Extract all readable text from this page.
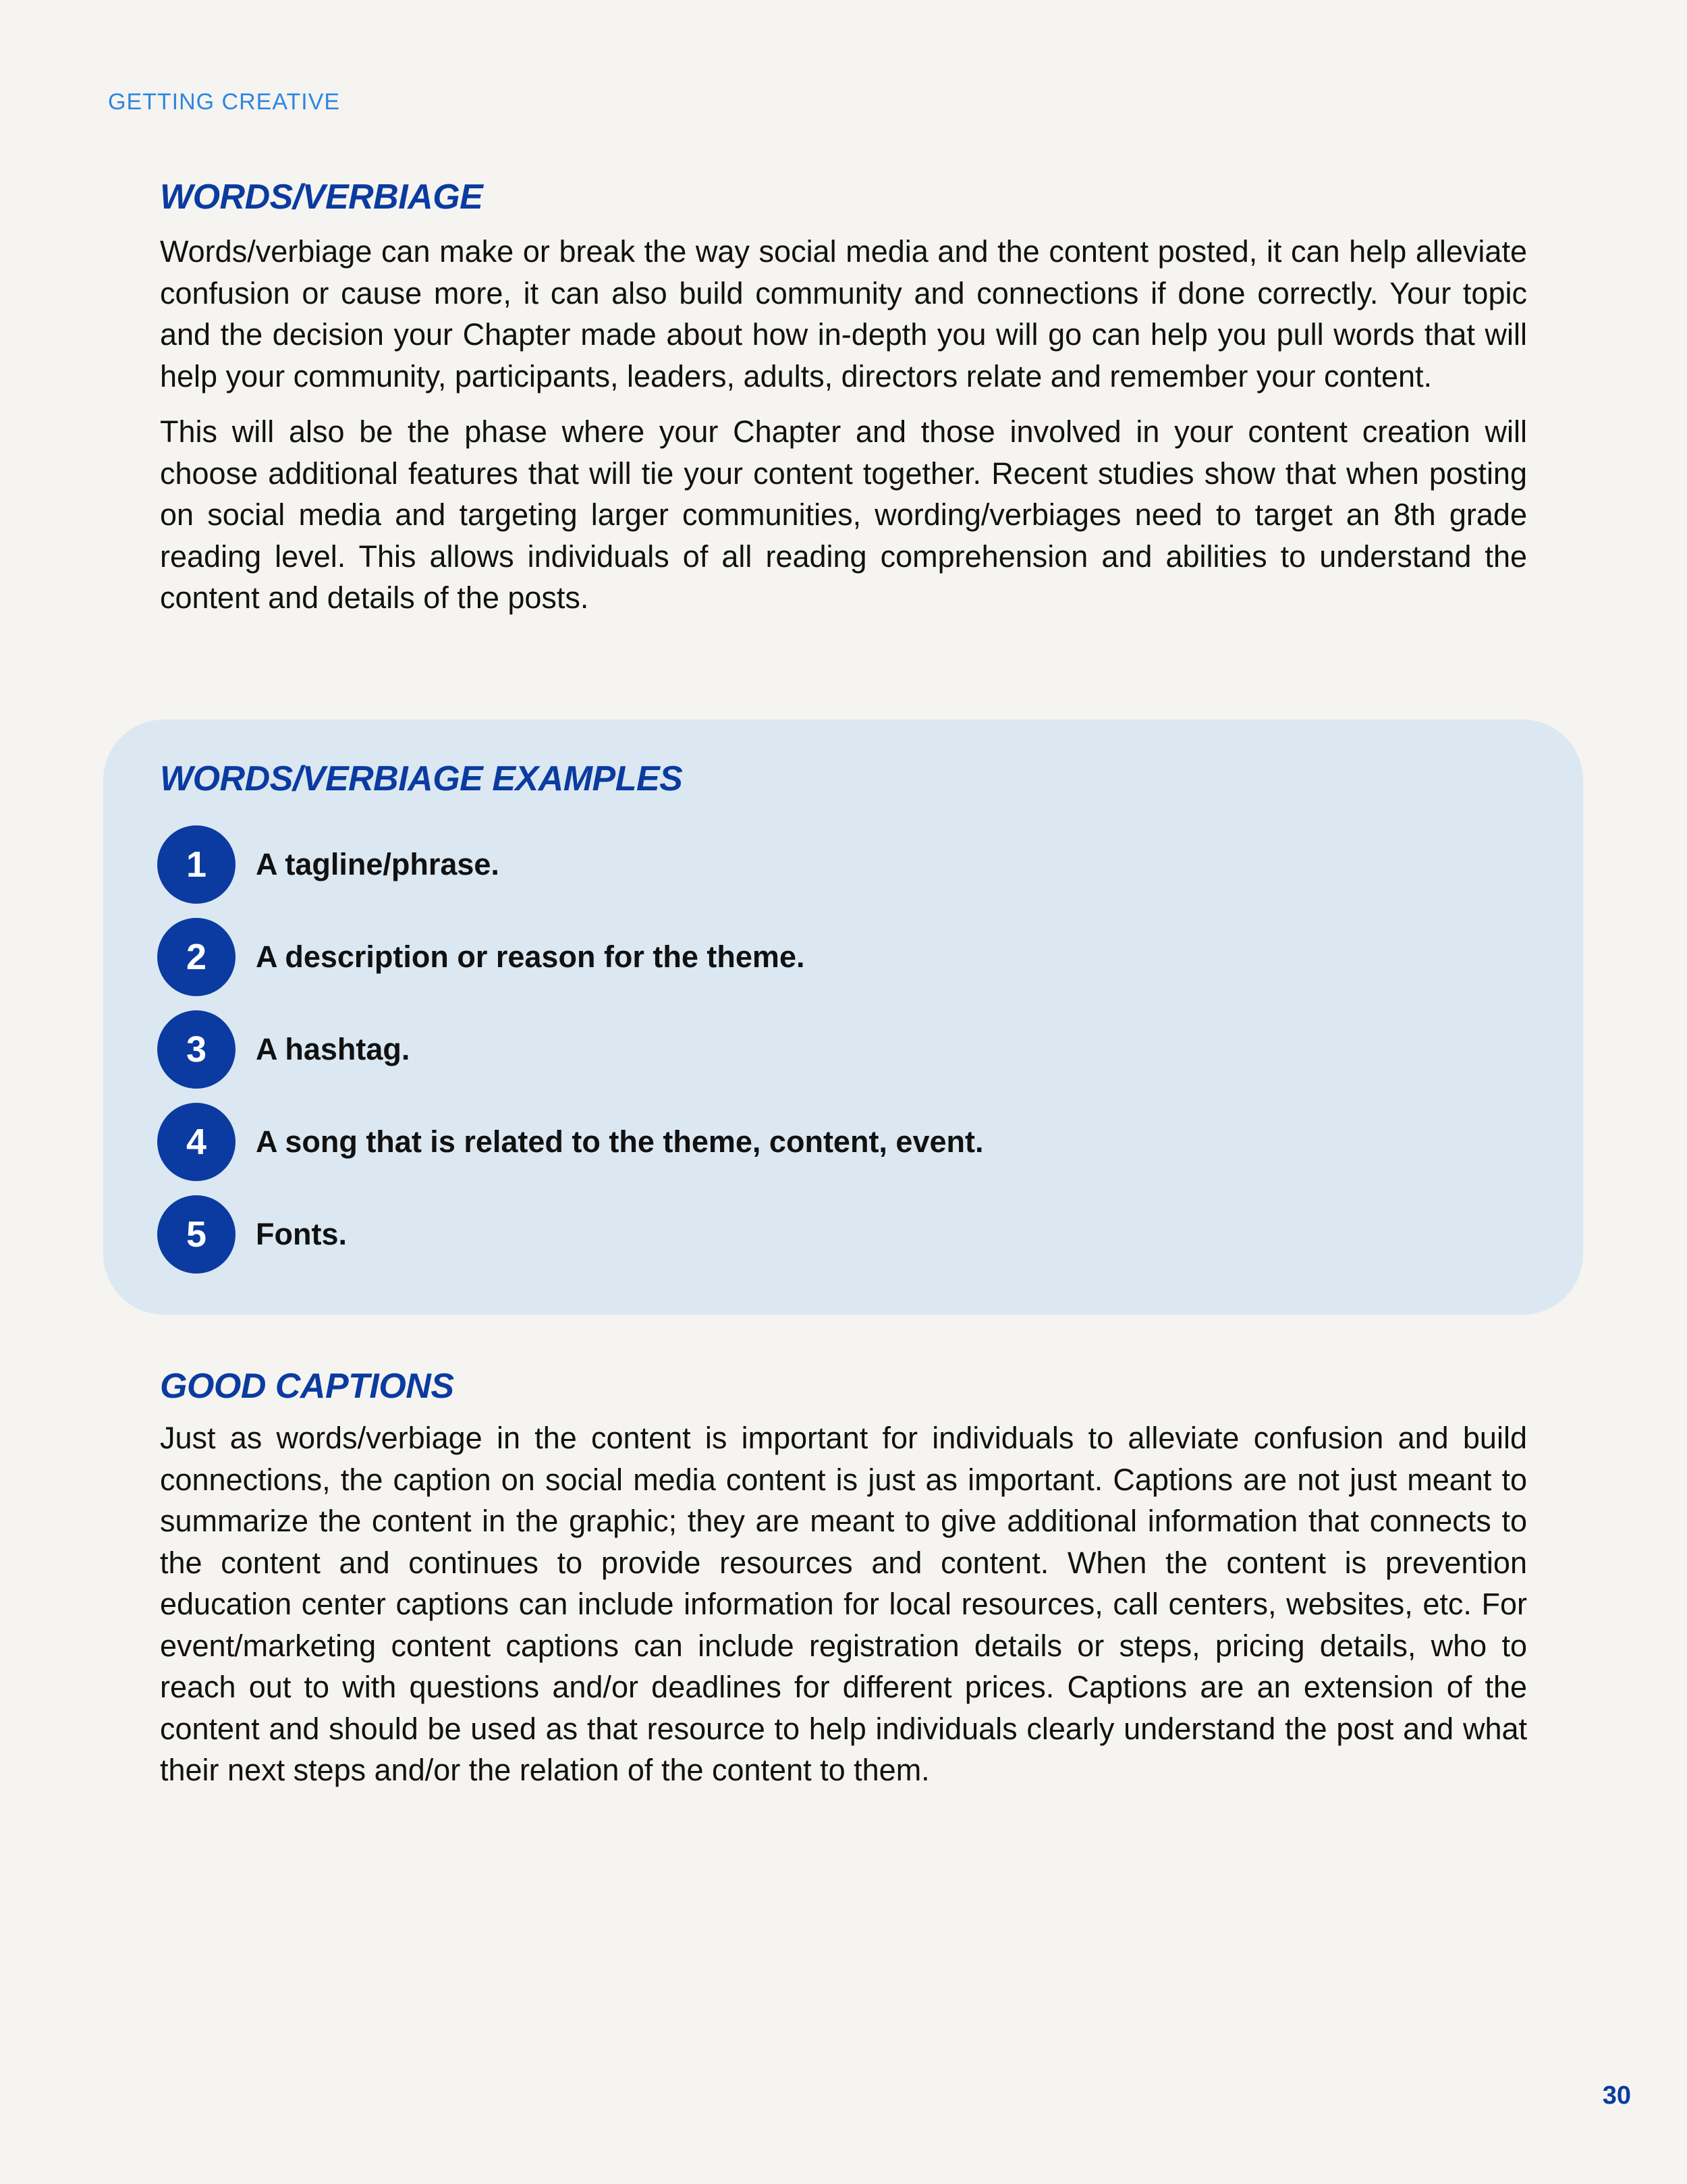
GETTING CREATIVE
WORDS/VERBIAGE

Words/verbiage can make or break the way social media and the content posted, it can help alleviate confusion or cause more, it can also build community and connections if done correctly. Your topic and the decision your Chapter made about how in-depth you will go can help you pull words that will help your community, participants, leaders, adults, directors relate and remember your content.

This will also be the phase where your Chapter and those involved in your content creation will choose additional features that will tie your content together. Recent studies show that when posting on social media and targeting larger communities, wording/verbiages need to target an 8th grade reading level. This allows individuals of all reading comprehension and abilities to understand the content and details of the posts.

WORDS/VERBIAGE EXAMPLES
1	A tagline/phrase.
2	A description or reason for the theme.
3	A hashtag.
4	A song that is related to the theme, content, event.
5	Fonts.
GOOD CAPTIONS

Just as words/verbiage in the content is important for individuals to alleviate confusion and build connections, the caption on social media content is just as important. Captions are not just meant to summarize the content in the graphic; they are meant to give additional information that connects to the content and continues to provide resources and content. When the content is prevention education center captions can include information for local resources, call centers, websites, etc. For event/marketing content captions can include registration details or steps, pricing details, who to reach out to with questions and/or deadlines for different prices. Captions are an extension of the content and should be used as that resource to help individuals clearly understand the post and what their next steps and/or the relation of the content to them.

30
